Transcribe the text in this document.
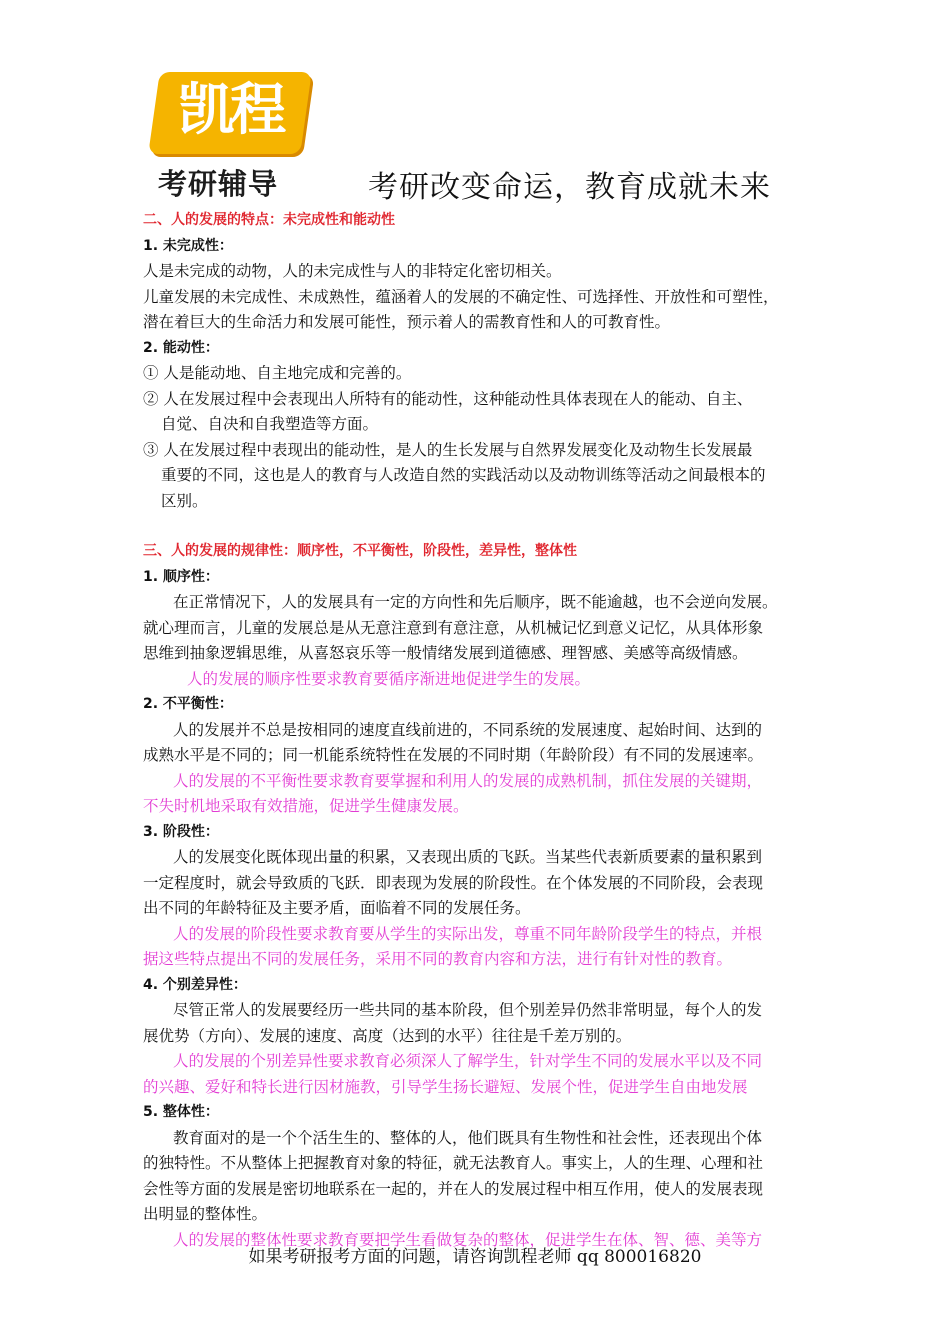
凯程
考研辅导	考研改变命运，教育成就未来
二、人的发展的特点：未完成性和能动性
1. 未完成性：
人是未完成的动物，人的未完成性与人的非特定化密切相关。
儿童发展的未完成性、未成熟性，蕴涵着人的发展的不确定性、可选择性、开放性和可塑性，
潜在着巨大的生命活力和发展可能性，预示着人的需教育性和人的可教育性。
2. 能动性：
① 人是能动地、自主地完成和完善的。
② 人在发展过程中会表现出人所特有的能动性，这种能动性具体表现在人的能动、自主、
自觉、自决和自我塑造等方面。
③ 人在发展过程中表现出的能动性，是人的生长发展与自然界发展变化及动物生长发展最
重要的不同，这也是人的教育与人改造自然的实践活动以及动物训练等活动之间最根本的
区别。
三、人的发展的规律性：顺序性，不平衡性，阶段性，差异性，整体性
1. 顺序性：
在正常情况下，人的发展具有一定的方向性和先后顺序，既不能逾越，也不会逆向发展。
就心理而言，儿童的发展总是从无意注意到有意注意，从机械记忆到意义记忆，从具体形象
思维到抽象逻辑思维，从喜怒哀乐等一般情绪发展到道德感、理智感、美感等高级情感。
人的发展的顺序性要求教育要循序渐进地促进学生的发展。
2. 不平衡性：
人的发展并不总是按相同的速度直线前进的，不同系统的发展速度、起始时间、达到的
成熟水平是不同的；同一机能系统特性在发展的不同时期（年龄阶段）有不同的发展速率。
人的发展的不平衡性要求教育要掌握和利用人的发展的成熟机制，抓住发展的关键期，
不失时机地采取有效措施，促进学生健康发展。
3. 阶段性：
人的发展变化既体现出量的积累，又表现出质的飞跃。当某些代表新质要素的量积累到
一定程度时，就会导致质的飞跃．即表现为发展的阶段性。在个体发展的不同阶段，会表现
出不同的年龄特征及主要矛盾，面临着不同的发展任务。
人的发展的阶段性要求教育要从学生的实际出发，尊重不同年龄阶段学生的特点，并根
据这些特点提出不同的发展任务，采用不同的教育内容和方法，进行有针对性的教育。
4. 个别差异性：
尽管正常人的发展要经历一些共同的基本阶段，但个别差异仍然非常明显，每个人的发
展优势（方向）、发展的速度、高度（达到的水平）往往是千差万别的。
人的发展的个别差异性要求教育必须深人了解学生，针对学生不同的发展水平以及不同
的兴趣、爱好和特长进行因材施教，引导学生扬长避短、发展个性，促进学生自由地发展
5. 整体性：
教育面对的是一个个活生生的、整体的人，他们既具有生物性和社会性，还表现出个体
的独特性。不从整体上把握教育对象的特征，就无法教育人。事实上，人的生理、心理和社
会性等方面的发展是密切地联系在一起的，并在人的发展过程中相互作用，使人的发展表现
出明显的整体性。
人的发展的整体性要求教育要把学生看做复杂的整体，促进学生在体、智、德、美等方
如果考研报考方面的问题，请咨询凯程老师 qq 800016820
